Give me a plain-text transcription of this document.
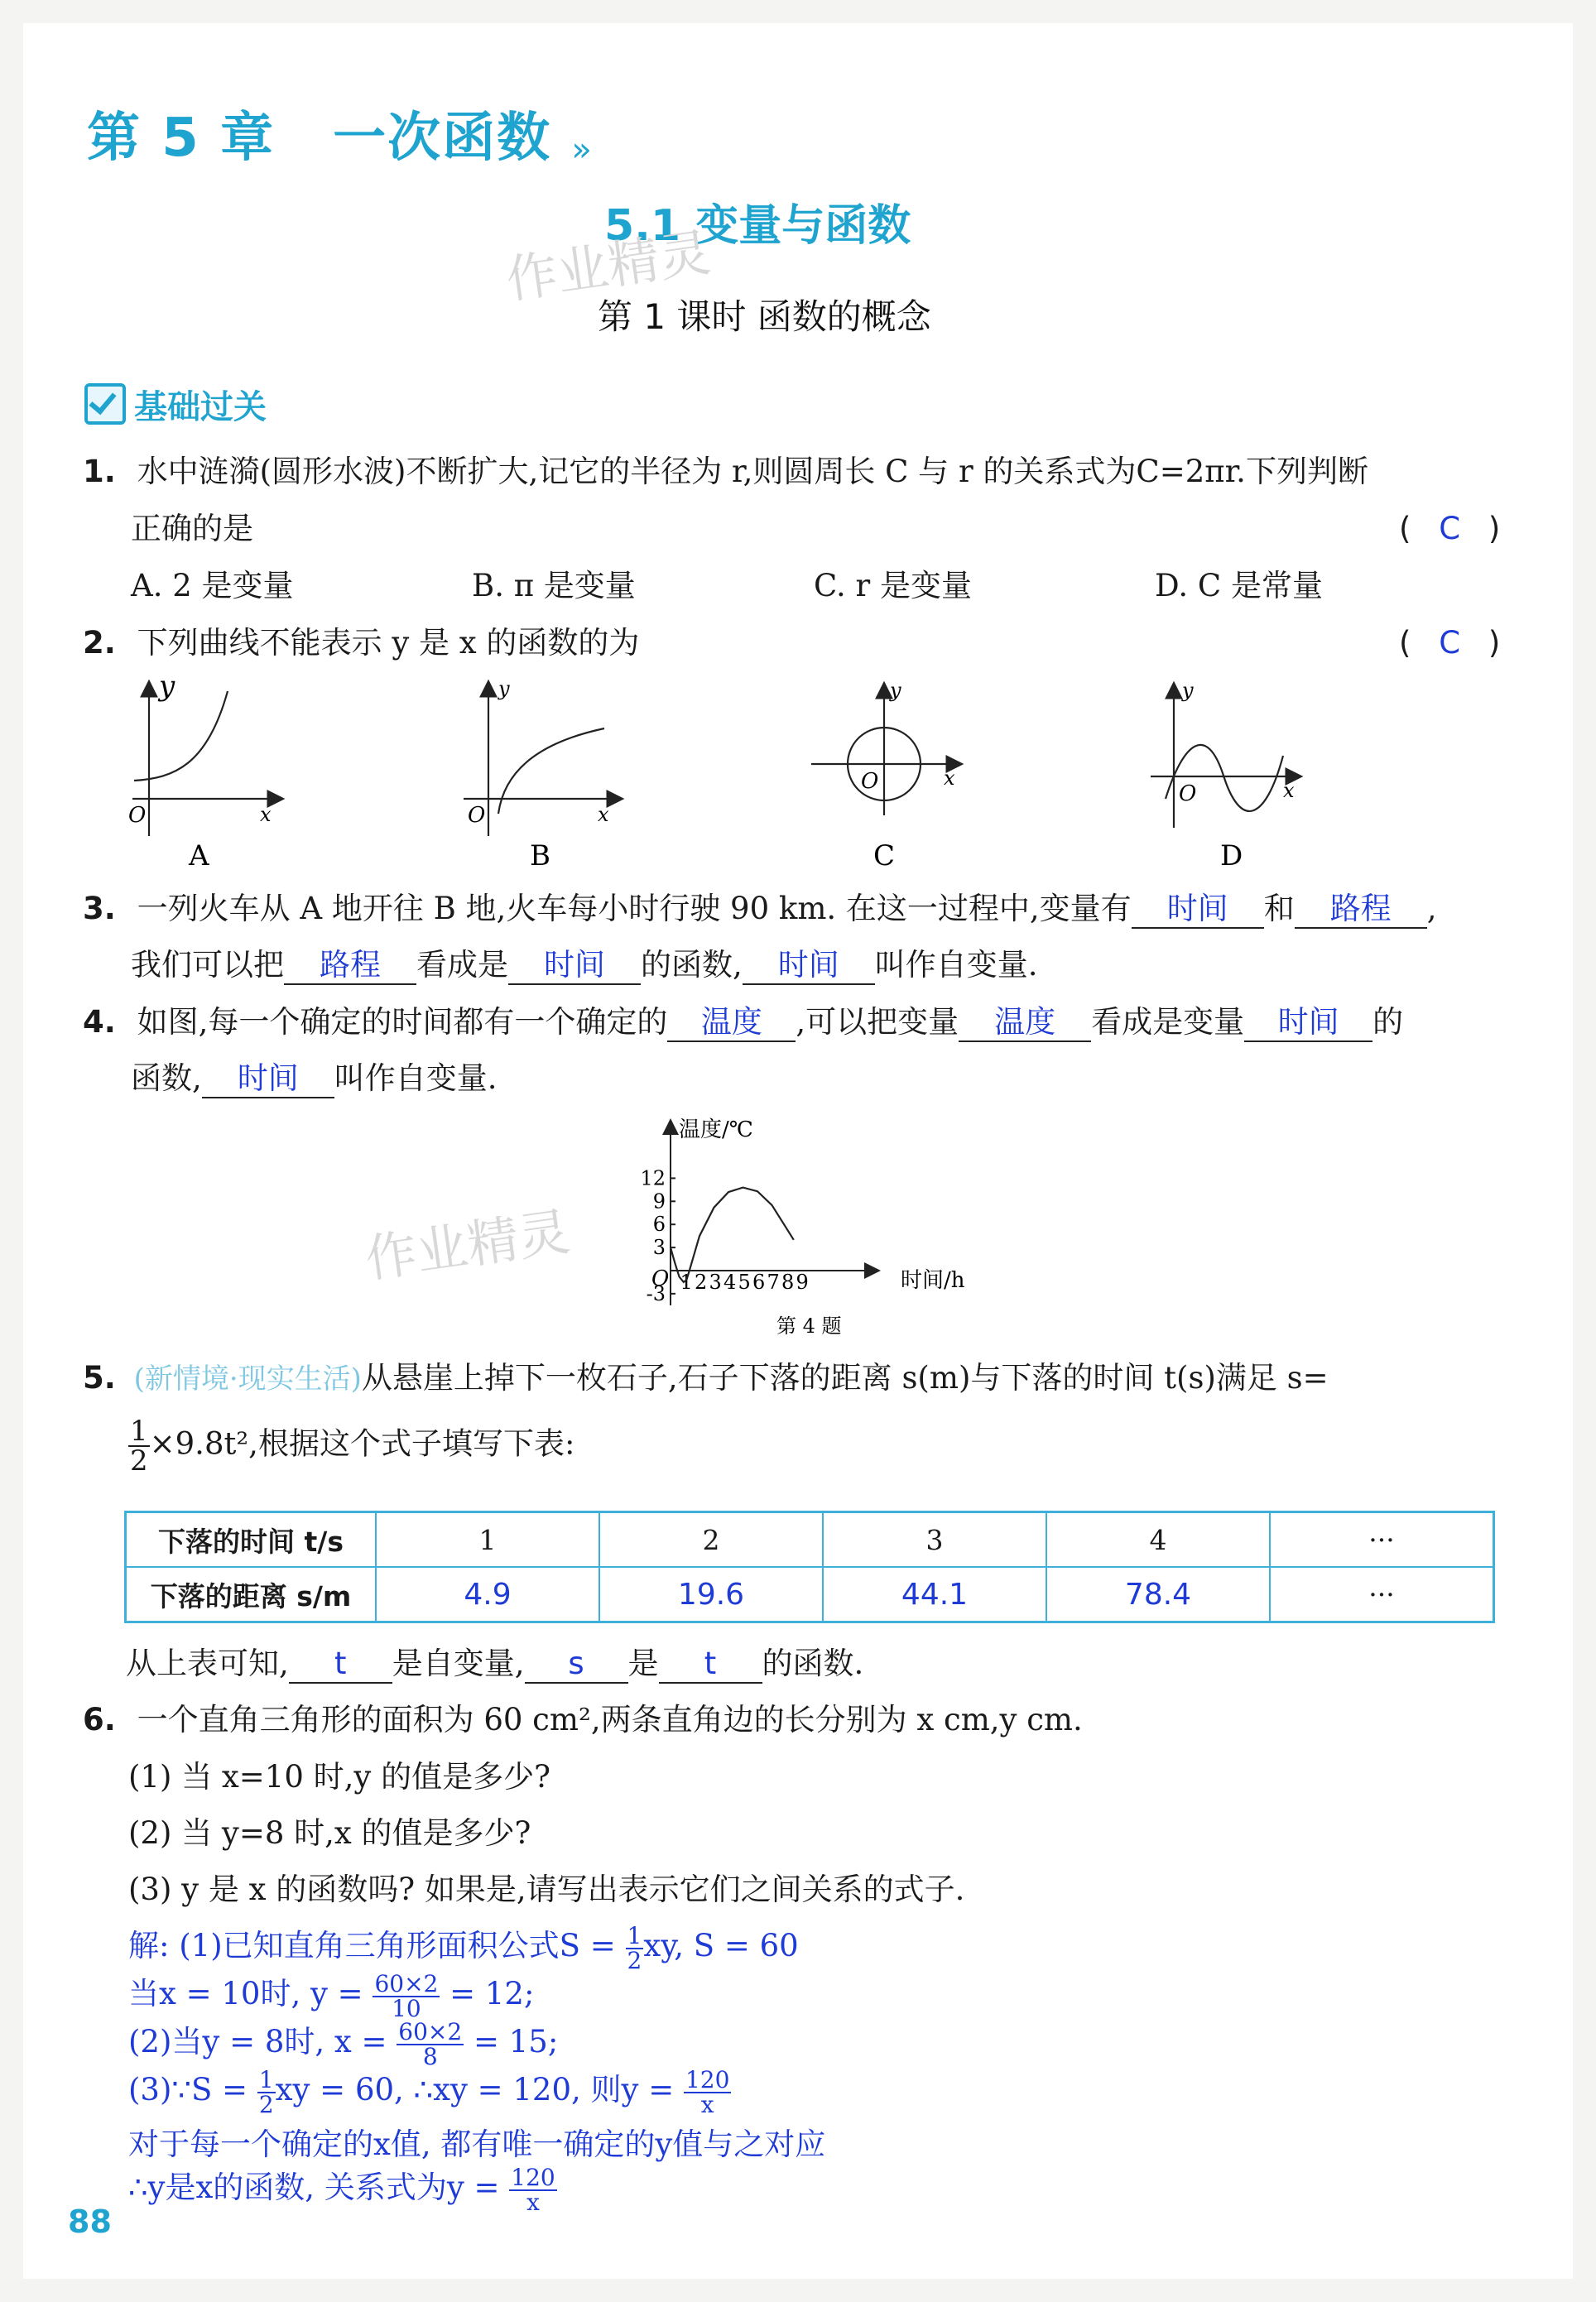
第 5 章 一次函数 »
5.1 变量与函数
作业精灵
第 1 课时 函数的概念
基础过关
1. 水中涟漪(圆形水波)不断扩大,记它的半径为 r,则圆周长 C 与 r 的关系式为C=2πr.下列判断
正确的是	( C )
A. 2 是变量	B. π 是变量	C. r 是变量	D. C 是常量
2. 下列曲线不能表示 y 是 x 的函数的为	( C )
y
x
O
A
y
x
O
B
y
x
O
C
y
x
O
D
3. 一列火车从 A 地开往 B 地,火车每小时行驶 90 km. 在这一过程中,变量有 时间 和 路程 ,
我们可以把 路程 看成是 时间 的函数, 时间 叫作自变量.
4. 如图,每一个确定的时间都有一个确定的 温度 ,可以把变量 温度 看成是变量 时间 的
函数, 时间 叫作自变量.
温度/℃
时间/h
O 1 2 3 4 5 6 7 8 9
12
9
6
3
-3
第 4 题
作业精灵
5. (新情境·现实生活)从悬崖上掉下一枚石子,石子下落的距离 s(m)与下落的时间 t(s)满足 s=
$\frac{1}{2} \times 9.8t^2$,根据这个式子填写下表:
下落的时间 t/s	1	2	3	4	···
下落的距离 s/m	4.9	19.6	44.1	78.4	···
从上表可知, t 是自变量, s 是 t 的函数.
6. 一个直角三角形的面积为 60 cm²,两条直角边的长分别为 x cm,y cm.
(1) 当 x=10 时,y 的值是多少?
(2) 当 y=8 时,x 的值是多少?
(3) y 是 x 的函数吗? 如果是,请写出表示它们之间关系的式子.
解: (1)已知直角三角形面积公式$S = \frac{1}{2}$ xy, S = 60
当x = 10时, $y = \frac{60\times 2}{10} = 12$;
(2)当y = 8时, $x = \frac{60\times 2}{8} = 15$;
(3)∵S = $\frac{1}{2}$ xy = 60, ∴xy = 120, 则$y = \frac{120}{x}$
对于每一个确定的x值, 都有唯一确定的y值与之对应
∴y是x的函数, 关系式为$y = \frac{120}{x}$
88
